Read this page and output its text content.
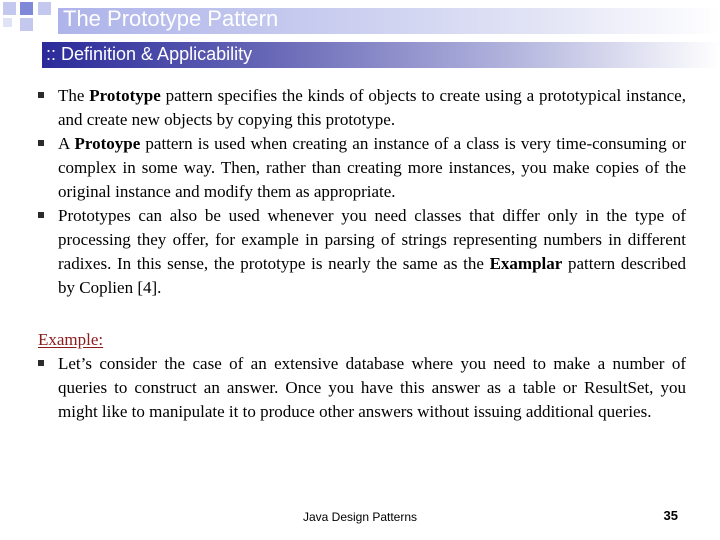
The Prototype Pattern
:: Definition & Applicability
The Prototype pattern specifies the kinds of objects to create using a prototypical instance, and create new objects by copying this prototype.
A Protoype pattern is used when creating an instance of a class is very time-consuming or complex in some way. Then, rather than creating more instances, you make copies of the original instance and modify them as appropriate.
Prototypes can also be used whenever you need classes that differ only in the type of processing they offer, for example in parsing of strings representing numbers in different radixes. In this sense, the prototype is nearly the same as the Examplar pattern described by Coplien [4].
Example:
Let’s consider the case of an extensive database where you need to make a number of queries to construct an answer. Once you have this answer as a table or ResultSet, you might like to manipulate it to produce other answers without issuing additional queries.
Java Design Patterns	35
